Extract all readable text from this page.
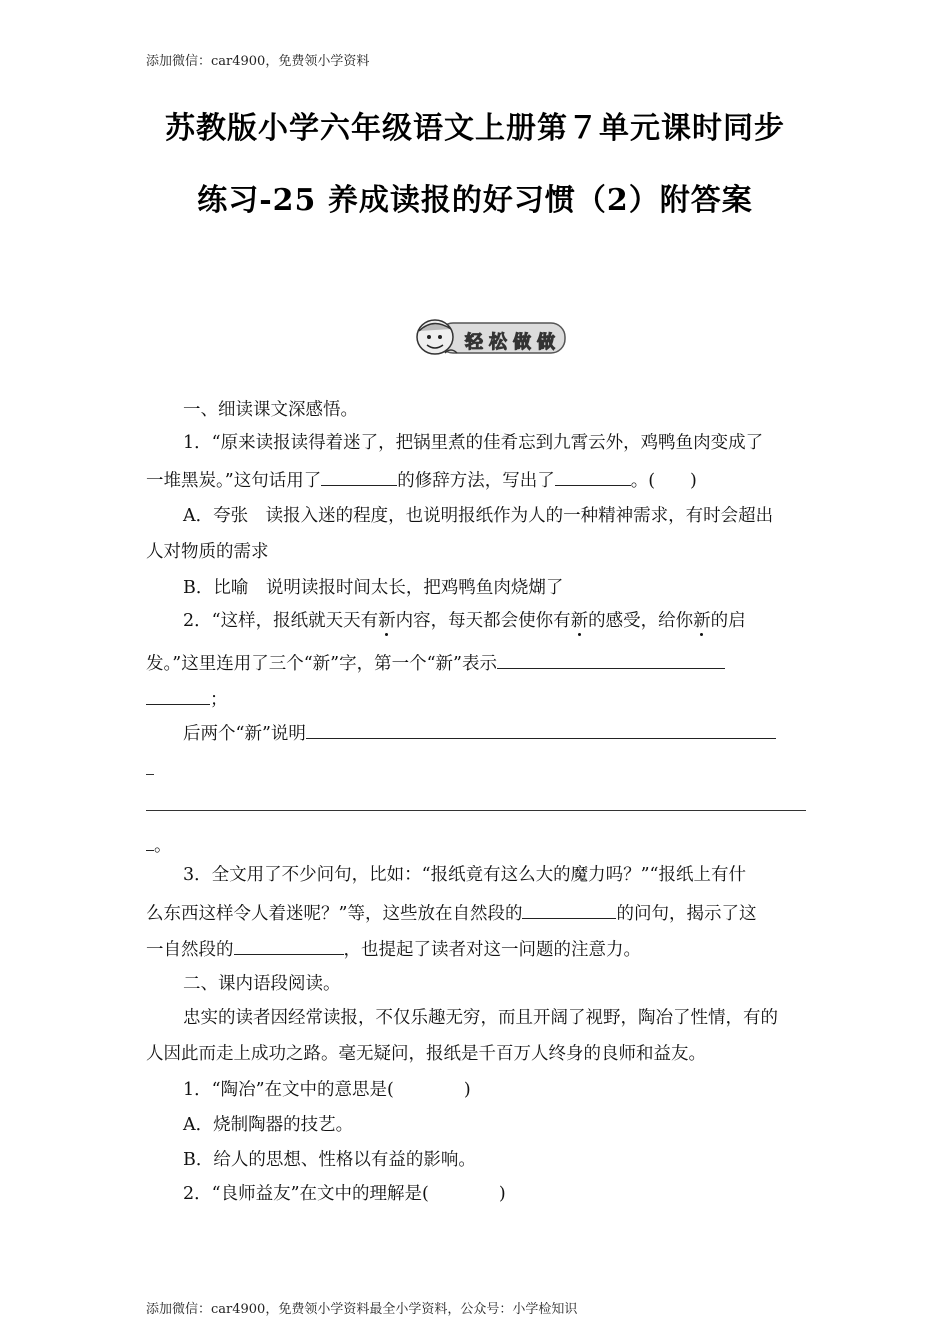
添加微信：car4900，免费领小学资料
苏教版小学六年级语文上册第７单元课时同步
练习-25 养成读报的好习惯（2）附答案
轻松做做
一、细读课文深感悟。
1．“原来读报读得着迷了，把锅里煮的佳肴忘到九霄云外，鸡鸭鱼肉变成了
一堆黑炭。”这句话用了	的修辞方法，写出了	。(　　)
A．夸张　读报入迷的程度，也说明报纸作为人的一种精神需求，有时会超出
人对物质的需求
B．比喻　说明读报时间太长，把鸡鸭鱼肉烧煳了
2．“这样，报纸就天天有新内容，每天都会使你有新的感受，给你新的启
发。”这里连用了三个“新”字，第一个“新”表示
；
后两个“新”说明
。
3．全文用了不少问句，比如：“报纸竟有这么大的魔力吗？”“报纸上有什
么东西这样令人着迷呢？”等，这些放在自然段的	的问句，揭示了这
一自然段的	，也提起了读者对这一问题的注意力。
二、课内语段阅读。
忠实的读者因经常读报，不仅乐趣无穷，而且开阔了视野，陶冶了性情，有的
人因此而走上成功之路。毫无疑问，报纸是千百万人终身的良师和益友。
1．“陶冶”在文中的意思是(　　　　)
A．烧制陶器的技艺。
B．给人的思想、性格以有益的影响。
2．“良师益友”在文中的理解是(　　　　)
添加微信：car4900，免费领小学资料最全小学资料，公众号：小学检知识
